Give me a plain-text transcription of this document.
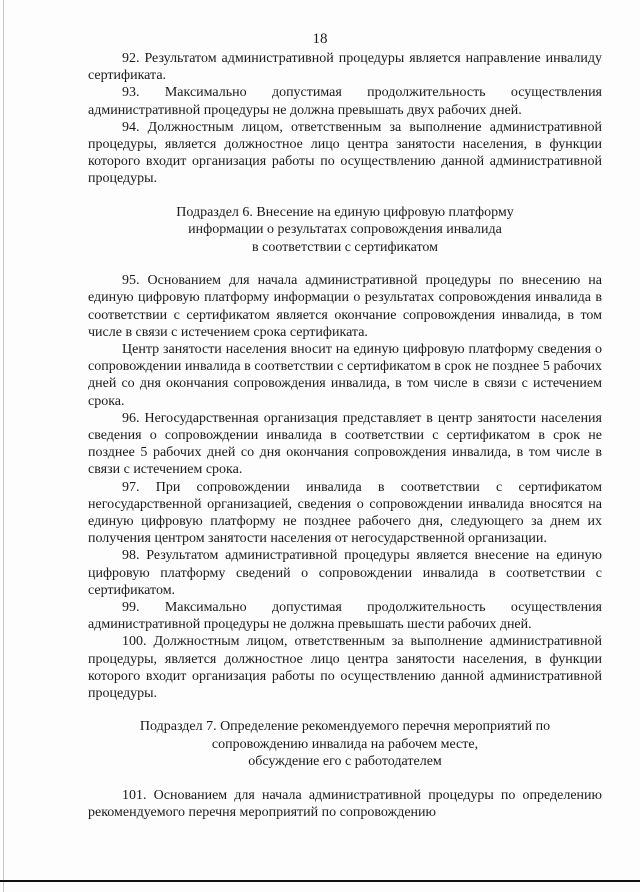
18

92. Результатом административной процедуры является направление инвалиду сертификата.

93. Максимально допустимая продолжительность осуществления административной процедуры не должна превышать двух рабочих дней.

94. Должностным лицом, ответственным за выполнение административной процедуры, является должностное лицо центра занятости населения, в функции которого входит организация работы по осуществлению данной административной процедуры.

Подраздел 6. Внесение на единую цифровую платформу
информации о результатах сопровождения инвалида
в соответствии с сертификатом

95. Основанием для начала административной процедуры по внесению на единую цифровую платформу информации о результатах сопровождения инвалида в соответствии с сертификатом является окончание сопровождения инвалида, в том числе в связи с истечением срока сертификата.

Центр занятости населения вносит на единую цифровую платформу сведения о сопровождении инвалида в соответствии с сертификатом в срок не позднее 5 рабочих дней со дня окончания сопровождения инвалида, в том числе в связи с истечением срока.

96. Негосударственная организация представляет в центр занятости населения сведения о сопровождении инвалида в соответствии с сертификатом в срок не позднее 5 рабочих дней со дня окончания сопровождения инвалида, в том числе в связи с истечением срока.

97. При сопровождении инвалида в соответствии с сертификатом негосударственной организацией, сведения о сопровождении инвалида вносятся на единую цифровую платформу не позднее рабочего дня, следующего за днем их получения центром занятости населения от негосударственной организации.

98. Результатом административной процедуры является внесение на единую цифровую платформу сведений о сопровождении инвалида в соответствии с сертификатом.

99. Максимально допустимая продолжительность осуществления административной процедуры не должна превышать шести рабочих дней.

100. Должностным лицом, ответственным за выполнение административной процедуры, является должностное лицо центра занятости населения, в функции которого входит организация работы по осуществлению данной административной процедуры.

Подраздел 7. Определение рекомендуемого перечня мероприятий по
сопровождению инвалида на рабочем месте,
обсуждение его с работодателем

101. Основанием для начала административной процедуры по определению рекомендуемого перечня мероприятий по сопровождению
